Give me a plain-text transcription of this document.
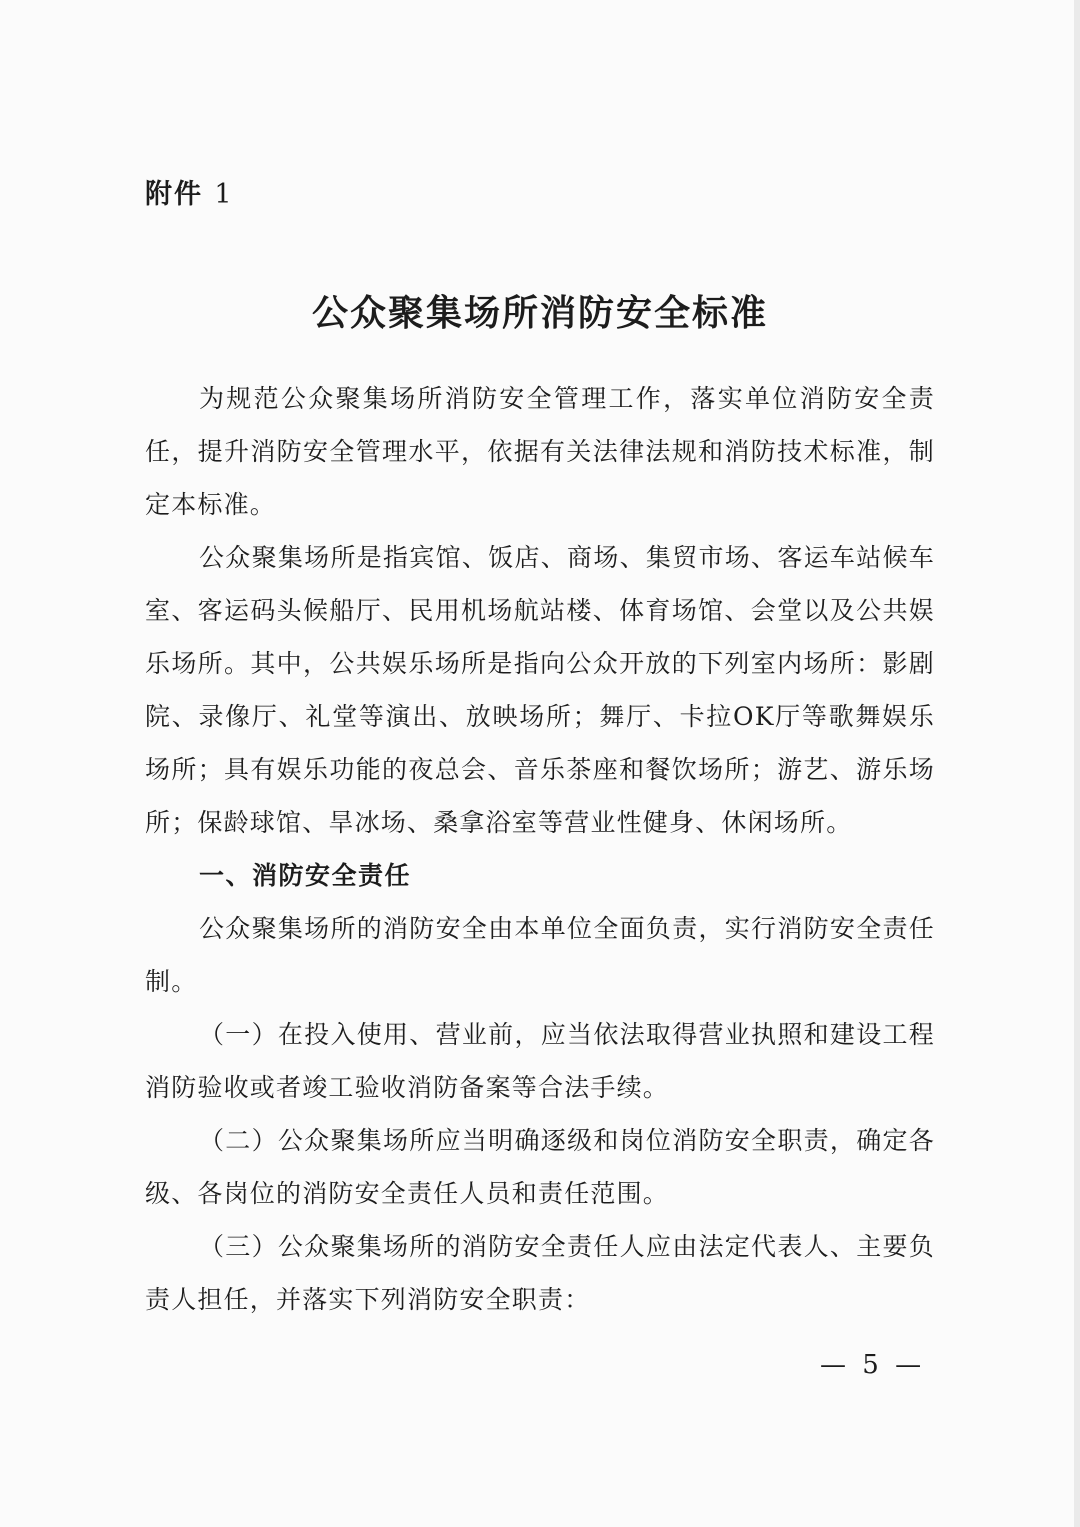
附件 1
公众聚集场所消防安全标准

为规范公众聚集场所消防安全管理工作，落实单位消防安全责任，提升消防安全管理水平，依据有关法律法规和消防技术标准，制定本标准。

公众聚集场所是指宾馆、饭店、商场、集贸市场、客运车站候车室、客运码头候船厅、民用机场航站楼、体育场馆、会堂以及公共娱乐场所。其中，公共娱乐场所是指向公众开放的下列室内场所：影剧院、录像厅、礼堂等演出、放映场所；舞厅、卡拉OK厅等歌舞娱乐场所；具有娱乐功能的夜总会、音乐茶座和餐饮场所；游艺、游乐场所；保龄球馆、旱冰场、桑拿浴室等营业性健身、休闲场所。

一、消防安全责任

公众聚集场所的消防安全由本单位全面负责，实行消防安全责任制。

（一）在投入使用、营业前，应当依法取得营业执照和建设工程消防验收或者竣工验收消防备案等合法手续。

（二）公众聚集场所应当明确逐级和岗位消防安全职责，确定各级、各岗位的消防安全责任人员和责任范围。

（三）公众聚集场所的消防安全责任人应由法定代表人、主要负责人担任，并落实下列消防安全职责：

— 5 —
